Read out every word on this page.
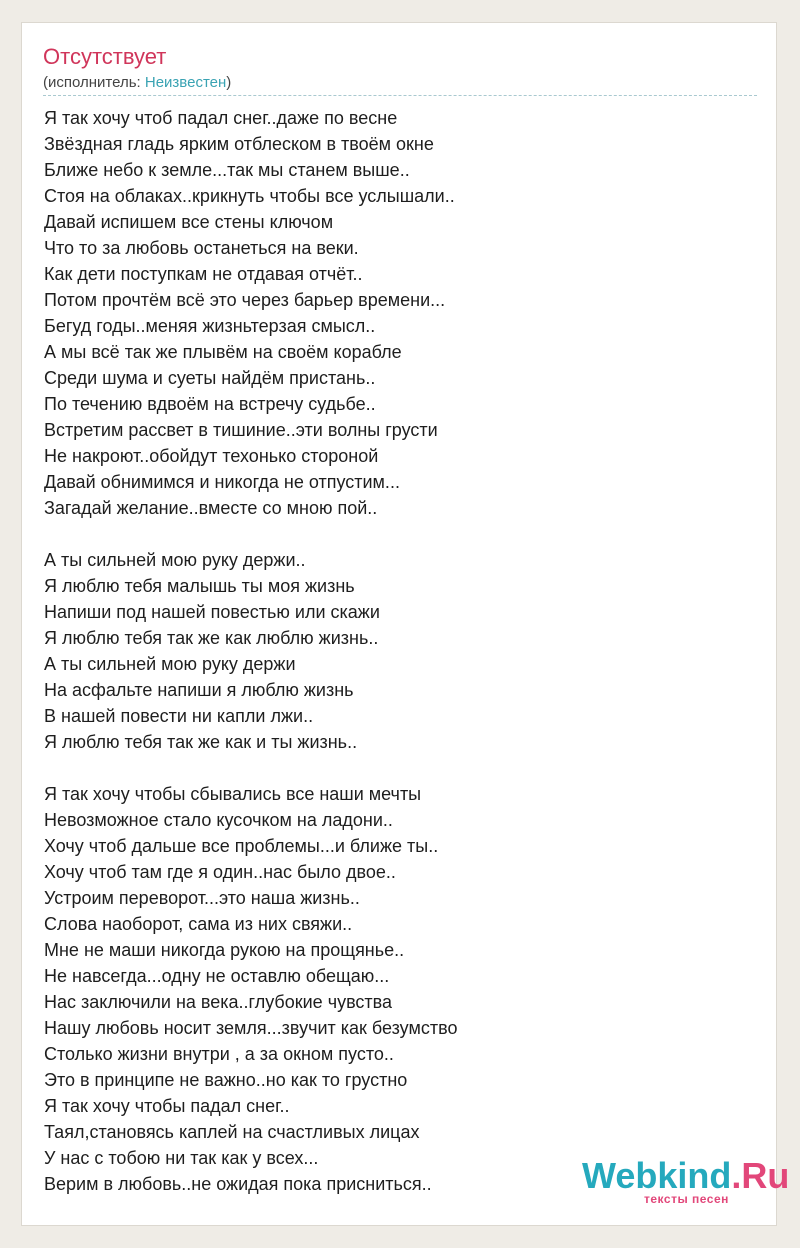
Отсутствует
(исполнитель: Неизвестен)
Я так хочу чтоб падал снег..даже по весне
Звёздная гладь ярким отблеском в твоём окне
Ближе небо к земле...так мы станем выше..
Стоя на облаках..крикнуть чтобы все услышали..
Давай испишем все стены ключом
Что то за любовь останеться на веки.
Как дети поступкам не отдавая отчёт..
Потом прочтём всё это через барьер времени...
Бегуд годы..меняя жизньтерзая смысл..
А мы всё так же плывём на своём корабле
Среди шума и суеты найдём пристань..
По течению вдвоём на встречу судьбе..
Встретим рассвет в тишиние..эти волны грусти
Не накроют..обойдут техонько стороной
Давай обнимимся и никогда не отпустим...
Загадай желание..вместе со мною пой..
А ты сильней мою руку держи..
Я люблю тебя малышь ты моя жизнь
Напиши под нашей повестью или скажи
Я люблю тебя так же как люблю жизнь..
А ты сильней мою руку держи
На асфальте напиши я люблю жизнь
В нашей повести ни капли лжи..
Я люблю тебя так же как и ты жизнь..
Я так хочу чтобы сбывались все наши мечты
Невозможное стало кусочком на ладони..
Хочу чтоб дальше все проблемы...и ближе ты..
Хочу чтоб там где я один..нас было двое..
Устроим переворот...это наша жизнь..
Слова наоборот, сама из них свяжи..
Мне не маши никогда рукою на прощянье..
Не навсегда...одну не оставлю обещаю...
Нас заключили на века..глубокие чувства
Нашу любовь носит земля...звучит как безумство
Столько жизни внутри , а за окном пусто..
Это в принципе не важно..но как то грустно
Я так хочу чтобы падал снег..
Таял,становясь каплей на счастливых лицах
У нас с тобою ни так как у всех...
Верим в любовь..не ожидая пока присниться..	Webkind.Ru
тексты песен
